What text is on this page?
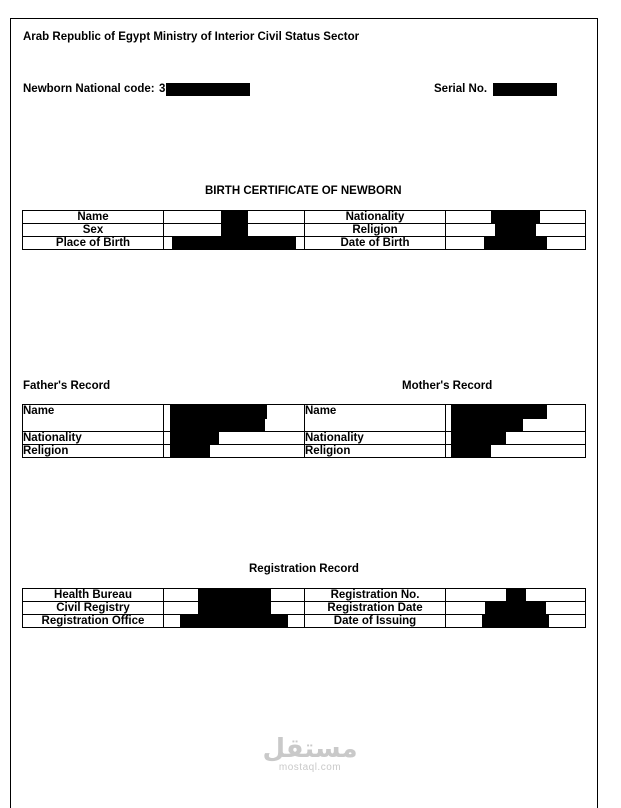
Arab Republic of Egypt Ministry of Interior Civil Status Sector
Newborn National code: 3	Serial No.
BIRTH CERTIFICATE OF NEWBORN
Name		Nationality	

Sex		Religion	

Place of Birth		Date of Birth	
Father's Record	Mother's Record
Name		Name	

Nationality		Nationality	

Religion		Religion	
Registration Record
Health Bureau		Registration No.	

Civil Registry		Registration Date	

Registration Office		Date of Issuing	
مستقل
mostaql.com
